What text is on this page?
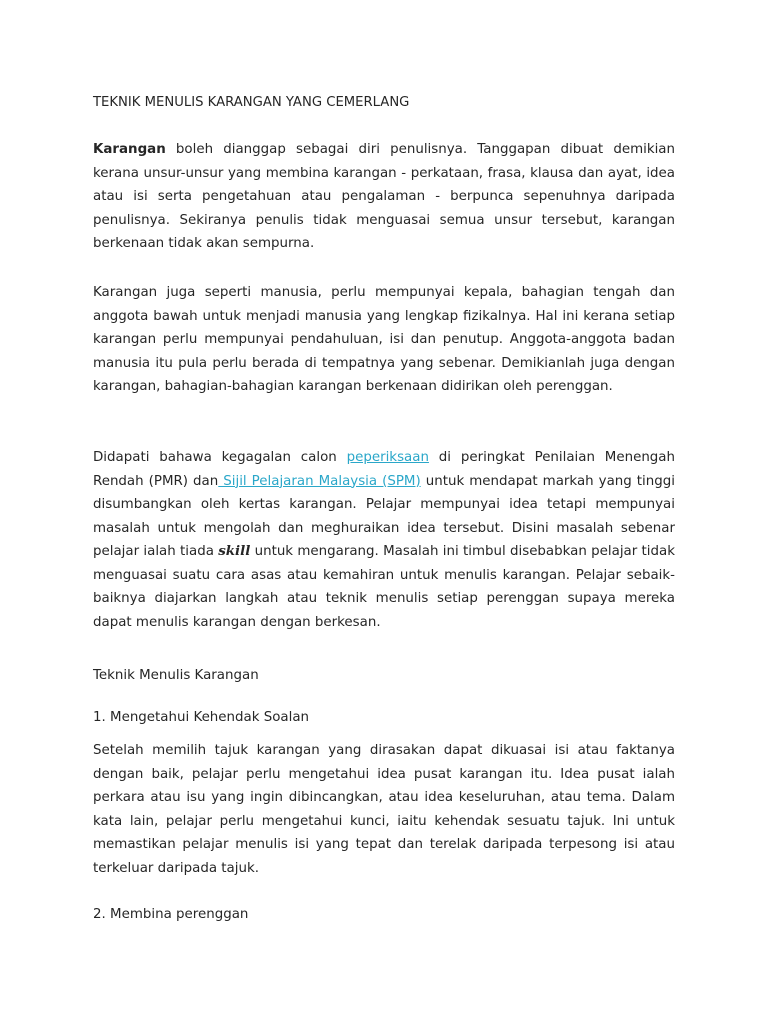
TEKNIK MENULIS KARANGAN YANG CEMERLANG

Karangan boleh dianggap sebagai diri penulisnya. Tanggapan dibuat demikian kerana unsur-unsur yang membina karangan - perkataan, frasa, klausa dan ayat, idea atau isi serta pengetahuan atau pengalaman - berpunca sepenuhnya daripada penulisnya. Sekiranya penulis tidak menguasai semua unsur tersebut, karangan berkenaan tidak akan sempurna.

Karangan juga seperti manusia, perlu mempunyai kepala, bahagian tengah dan anggota bawah untuk menjadi manusia yang lengkap fizikalnya. Hal ini kerana setiap karangan perlu mempunyai pendahuluan, isi dan penutup. Anggota-anggota badan manusia itu pula perlu berada di tempatnya yang sebenar. Demikianlah juga dengan karangan, bahagian-bahagian karangan berkenaan didirikan oleh perenggan.

Didapati bahawa kegagalan calon peperiksaan di peringkat Penilaian Menengah Rendah (PMR) dan Sijil Pelajaran Malaysia (SPM) untuk mendapat markah yang tinggi disumbangkan oleh kertas karangan. Pelajar mempunyai idea tetapi mempunyai masalah untuk mengolah dan meghuraikan idea tersebut. Disini masalah sebenar pelajar ialah tiada skill untuk mengarang. Masalah ini timbul disebabkan pelajar tidak menguasai suatu cara asas atau kemahiran untuk menulis karangan. Pelajar sebaik-baiknya diajarkan langkah atau teknik menulis setiap perenggan supaya mereka dapat menulis karangan dengan berkesan.

Teknik Menulis Karangan

1. Mengetahui Kehendak Soalan

Setelah memilih tajuk karangan yang dirasakan dapat dikuasai isi atau faktanya dengan baik, pelajar perlu mengetahui idea pusat karangan itu. Idea pusat ialah perkara atau isu yang ingin dibincangkan, atau idea keseluruhan, atau tema. Dalam kata lain, pelajar perlu mengetahui kunci, iaitu kehendak sesuatu tajuk. Ini untuk memastikan pelajar menulis isi yang tepat dan terelak daripada terpesong isi atau terkeluar daripada tajuk.

2. Membina perenggan
